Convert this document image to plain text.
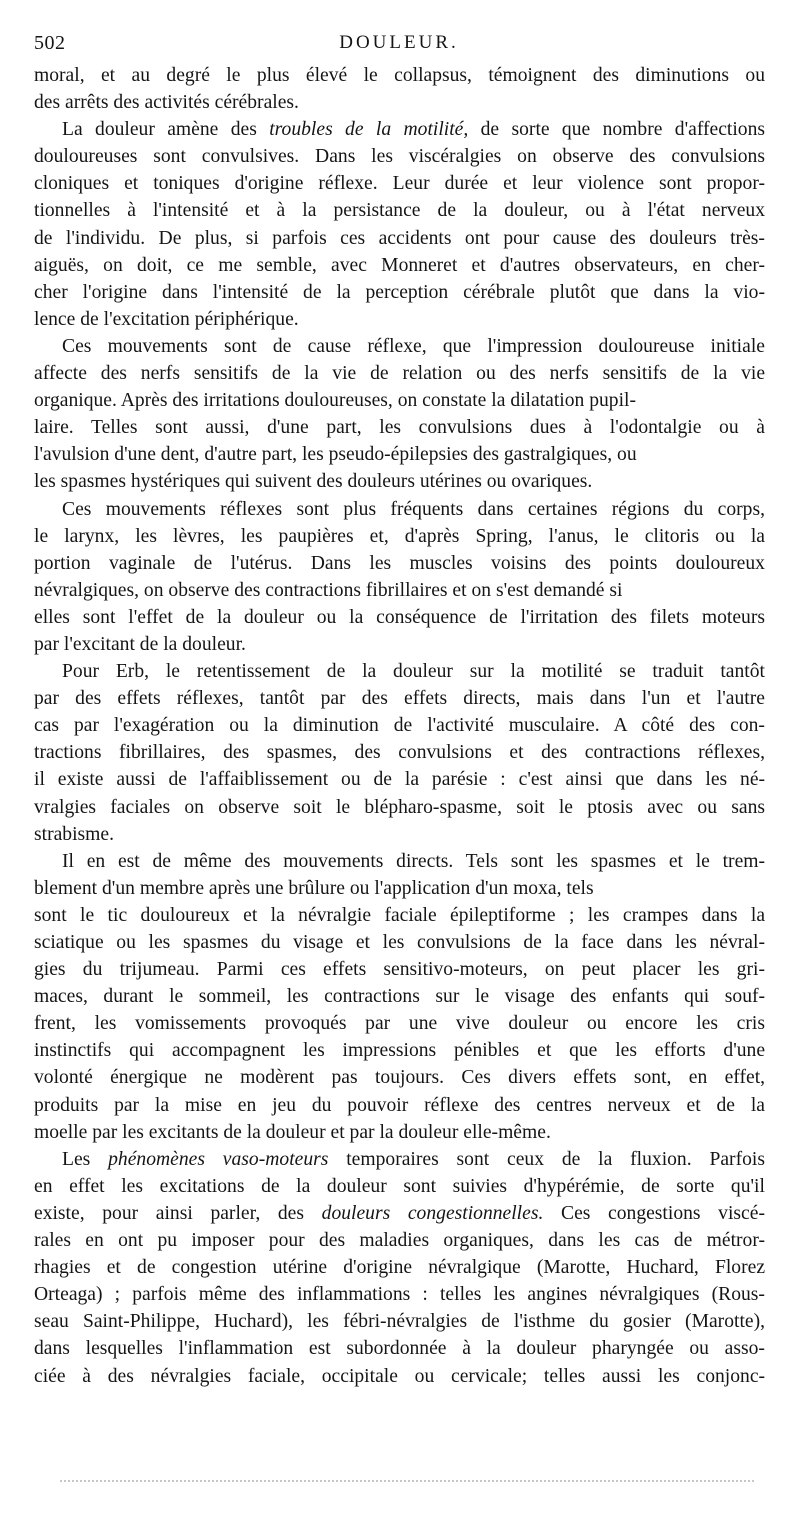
502	DOULEUR.
moral, et au degré le plus élevé le collapsus, témoignent des diminutions ou
des arrêts des activités cérébrales.
La douleur amène des troubles de la motilité, de sorte que nombre d'affections
douloureuses sont convulsives. Dans les viscéralgies on observe des convulsions
cloniques et toniques d'origine réflexe. Leur durée et leur violence sont propor-
tionnelles à l'intensité et à la persistance de la douleur, ou à l'état nerveux
de l'individu. De plus, si parfois ces accidents ont pour cause des douleurs très-
aiguës, on doit, ce me semble, avec Monneret et d'autres observateurs, en cher-
cher l'origine dans l'intensité de la perception cérébrale plutôt que dans la vio-
lence de l'excitation périphérique.
Ces mouvements sont de cause réflexe, que l'impression douloureuse initiale
affecte des nerfs sensitifs de la vie de relation ou des nerfs sensitifs de la vie
organique. Après des irritations douloureuses, on constate la dilatation pupil-
laire. Telles sont aussi, d'une part, les convulsions dues à l'odontalgie ou à
l'avulsion d'une dent, d'autre part, les pseudo-épilepsies des gastralgiques, ou
les spasmes hystériques qui suivent des douleurs utérines ou ovariques.
Ces mouvements réflexes sont plus fréquents dans certaines régions du corps,
le larynx, les lèvres, les paupières et, d'après Spring, l'anus, le clitoris ou la
portion vaginale de l'utérus. Dans les muscles voisins des points douloureux
névralgiques, on observe des contractions fibrillaires et on s'est demandé si
elles sont l'effet de la douleur ou la conséquence de l'irritation des filets moteurs
par l'excitant de la douleur.
Pour Erb, le retentissement de la douleur sur la motilité se traduit tantôt
par des effets réflexes, tantôt par des effets directs, mais dans l'un et l'autre
cas par l'exagération ou la diminution de l'activité musculaire. A côté des con-
tractions fibrillaires, des spasmes, des convulsions et des contractions réflexes,
il existe aussi de l'affaiblissement ou de la parésie : c'est ainsi que dans les né-
vralgies faciales on observe soit le blépharo-spasme, soit le ptosis avec ou sans
strabisme.
Il en est de même des mouvements directs. Tels sont les spasmes et le trem-
blement d'un membre après une brûlure ou l'application d'un moxa, tels
sont le tic douloureux et la névralgie faciale épileptiforme ; les crampes dans la
sciatique ou les spasmes du visage et les convulsions de la face dans les névral-
gies du trijumeau. Parmi ces effets sensitivo-moteurs, on peut placer les gri-
maces, durant le sommeil, les contractions sur le visage des enfants qui souf-
frent, les vomissements provoqués par une vive douleur ou encore les cris
instinctifs qui accompagnent les impressions pénibles et que les efforts d'une
volonté énergique ne modèrent pas toujours. Ces divers effets sont, en effet,
produits par la mise en jeu du pouvoir réflexe des centres nerveux et de la
moelle par les excitants de la douleur et par la douleur elle-même.
Les phénomènes vaso-moteurs temporaires sont ceux de la fluxion. Parfois
en effet les excitations de la douleur sont suivies d'hypérémie, de sorte qu'il
existe, pour ainsi parler, des douleurs congestionnelles. Ces congestions viscé-
rales en ont pu imposer pour des maladies organiques, dans les cas de métror-
rhagies et de congestion utérine d'origine névralgique (Marotte, Huchard, Florez
Orteaga) ; parfois même des inflammations : telles les angines névralgiques (Rous-
seau Saint-Philippe, Huchard), les fébri-névralgies de l'isthme du gosier (Marotte),
dans lesquelles l'inflammation est subordonnée à la douleur pharyngée ou asso-
ciée à des névralgies faciale, occipitale ou cervicale; telles aussi les conjonc-
